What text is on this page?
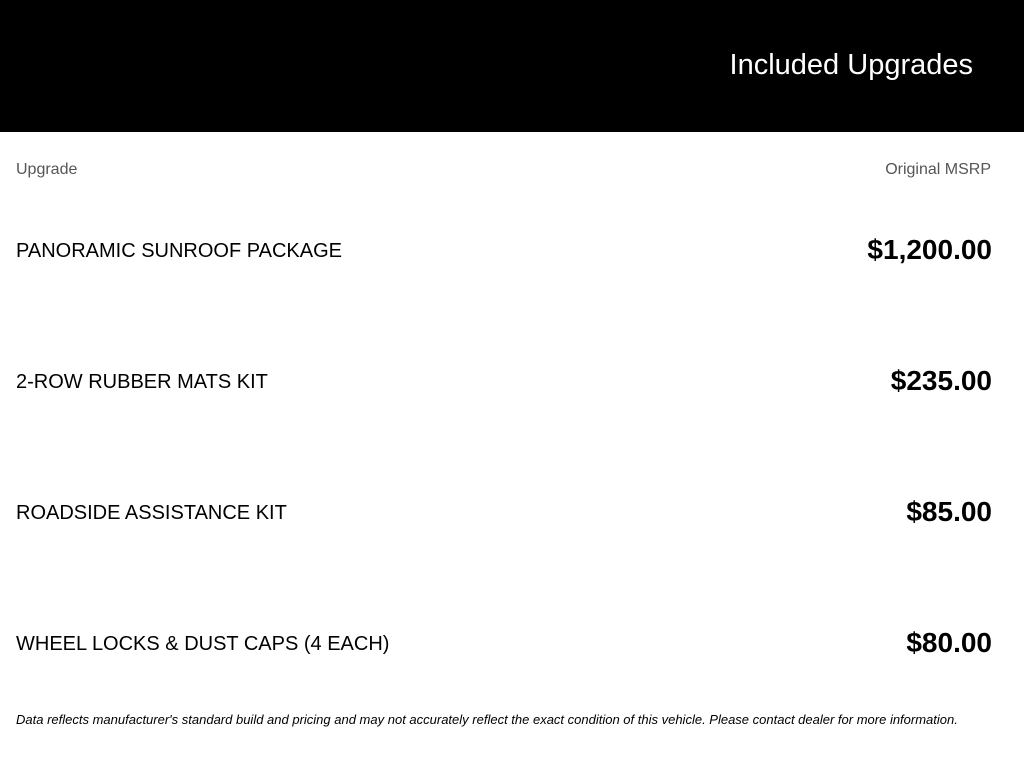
Included Upgrades
Upgrade	Original MSRP
PANORAMIC SUNROOF PACKAGE	$1,200.00
2-ROW RUBBER MATS KIT	$235.00
ROADSIDE ASSISTANCE KIT	$85.00
WHEEL LOCKS & DUST CAPS (4 EACH)	$80.00
Data reflects manufacturer's standard build and pricing and may not accurately reflect the exact condition of this vehicle. Please contact dealer for more information.
